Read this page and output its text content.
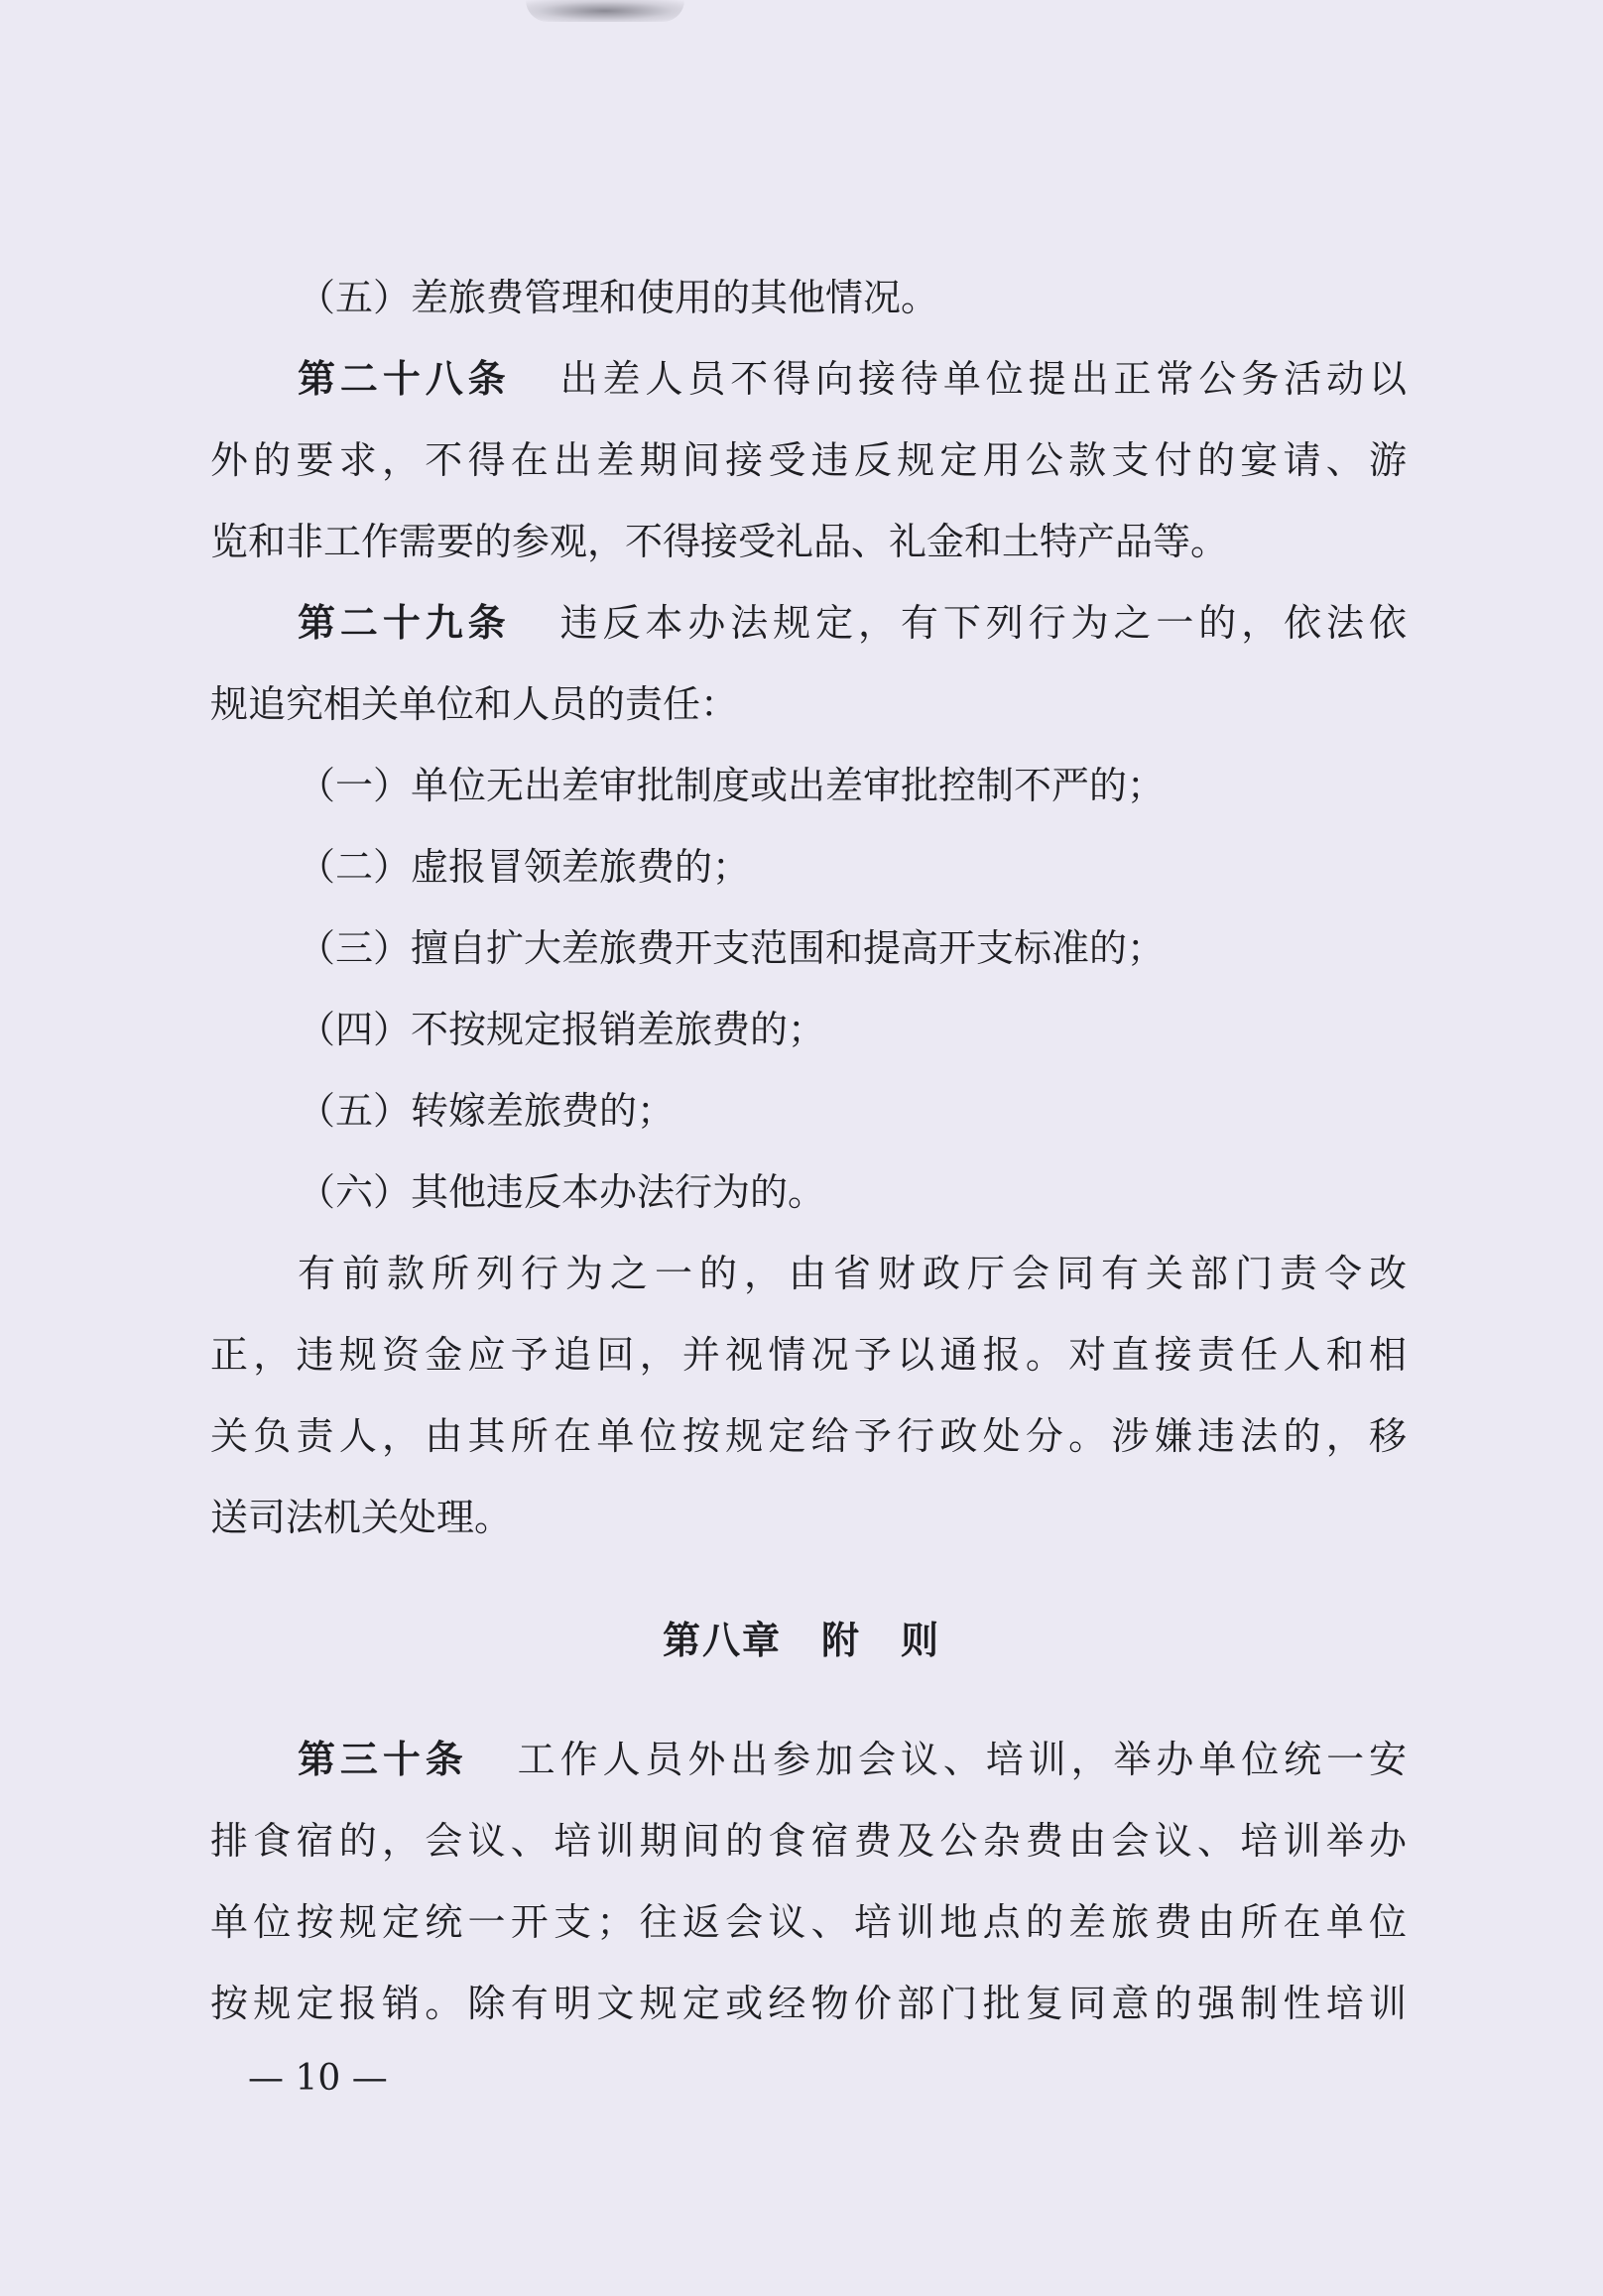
（五）差旅费管理和使用的其他情况。
第二十八条 出差人员不得向接待单位提出正常公务活动以
外的要求，不得在出差期间接受违反规定用公款支付的宴请、游
览和非工作需要的参观，不得接受礼品、礼金和土特产品等。
第二十九条 违反本办法规定，有下列行为之一的，依法依
规追究相关单位和人员的责任：
（一）单位无出差审批制度或出差审批控制不严的；
（二）虚报冒领差旅费的；
（三）擅自扩大差旅费开支范围和提高开支标准的；
（四）不按规定报销差旅费的；
（五）转嫁差旅费的；
（六）其他违反本办法行为的。
有前款所列行为之一的，由省财政厅会同有关部门责令改
正，违规资金应予追回，并视情况予以通报。对直接责任人和相
关负责人，由其所在单位按规定给予行政处分。涉嫌违法的，移
送司法机关处理。
第八章　附　则
第三十条 工作人员外出参加会议、培训，举办单位统一安
排食宿的，会议、培训期间的食宿费及公杂费由会议、培训举办
单位按规定统一开支；往返会议、培训地点的差旅费由所在单位
按规定报销。除有明文规定或经物价部门批复同意的强制性培训
— 10 —
